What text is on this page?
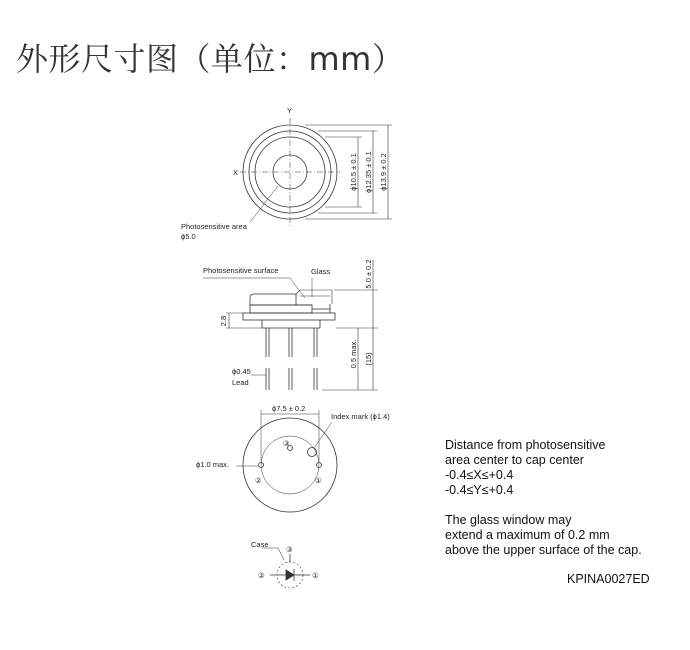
外形尺寸图（单位：mm）
Y
X	ϕ10.5 ± 0.1 ϕ12.35 ± 0.1 ϕ13.9 ± 0.2
Photosensitive area
ϕ5.0
Photosensitive surface	Glass	5.0 ± 0.2
2.8
0.5 max. (15)
ϕ0.45
Lead
ϕ7.5 ± 0.2
Index mark (ϕ1.4)
ϕ1.0 max.
①
②
③
Case
③
②	①
Distance from photosensitive
area center to cap center
-0.4≤X≤+0.4
-0.4≤Y≤+0.4
The glass window may
extend a maximum of 0.2 mm
above the upper surface of the cap.
KPINA0027ED
